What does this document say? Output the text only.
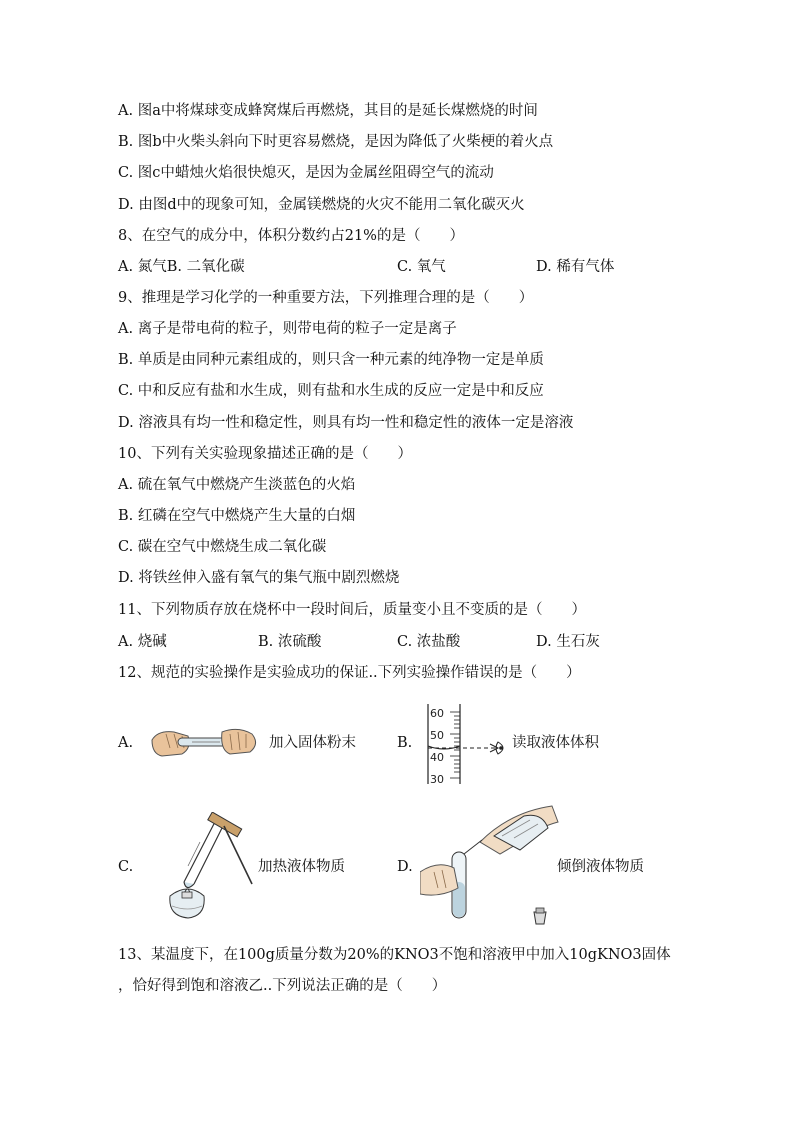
A. 图a中将煤球变成蜂窝煤后再燃烧，其目的是延长煤燃烧的时间
B. 图b中火柴头斜向下时更容易燃烧，是因为降低了火柴梗的着火点
C. 图c中蜡烛火焰很快熄灭，是因为金属丝阻碍空气的流动
D. 由图d中的现象可知，金属镁燃烧的火灾不能用二氧化碳灭火
8、在空气的成分中，体积分数约占21%的是（　　）
A. 氮气B. 二氧化碳	C. 氧气	D. 稀有气体
9、推理是学习化学的一种重要方法，下列推理合理的是（　　）
A. 离子是带电荷的粒子，则带电荷的粒子一定是离子
B. 单质是由同种元素组成的，则只含一种元素的纯净物一定是单质
C. 中和反应有盐和水生成，则有盐和水生成的反应一定是中和反应
D. 溶液具有均一性和稳定性，则具有均一性和稳定性的液体一定是溶液
10、下列有关实验现象描述正确的是（　　）
A. 硫在氧气中燃烧产生淡蓝色的火焰
B. 红磷在空气中燃烧产生大量的白烟
C. 碳在空气中燃烧生成二氧化碳
D. 将铁丝伸入盛有氧气的集气瓶中剧烈燃烧
11、下列物质存放在烧杯中一段时间后，质量变小且不变质的是（　　）
A. 烧碱	B. 浓硫酸	C. 浓盐酸	D. 生石灰
12、规范的实验操作是实验成功的保证..下列实验操作错误的是（　　）
A.	加入固体粉末	B.
60
50
40
30
读取液体体积
C.	加热液体物质	D.	倾倒液体物质
13、某温度下，在100g质量分数为20%的KNO3不饱和溶液甲中加入10gKNO3固体
，恰好得到饱和溶液乙..下列说法正确的是（　　）
